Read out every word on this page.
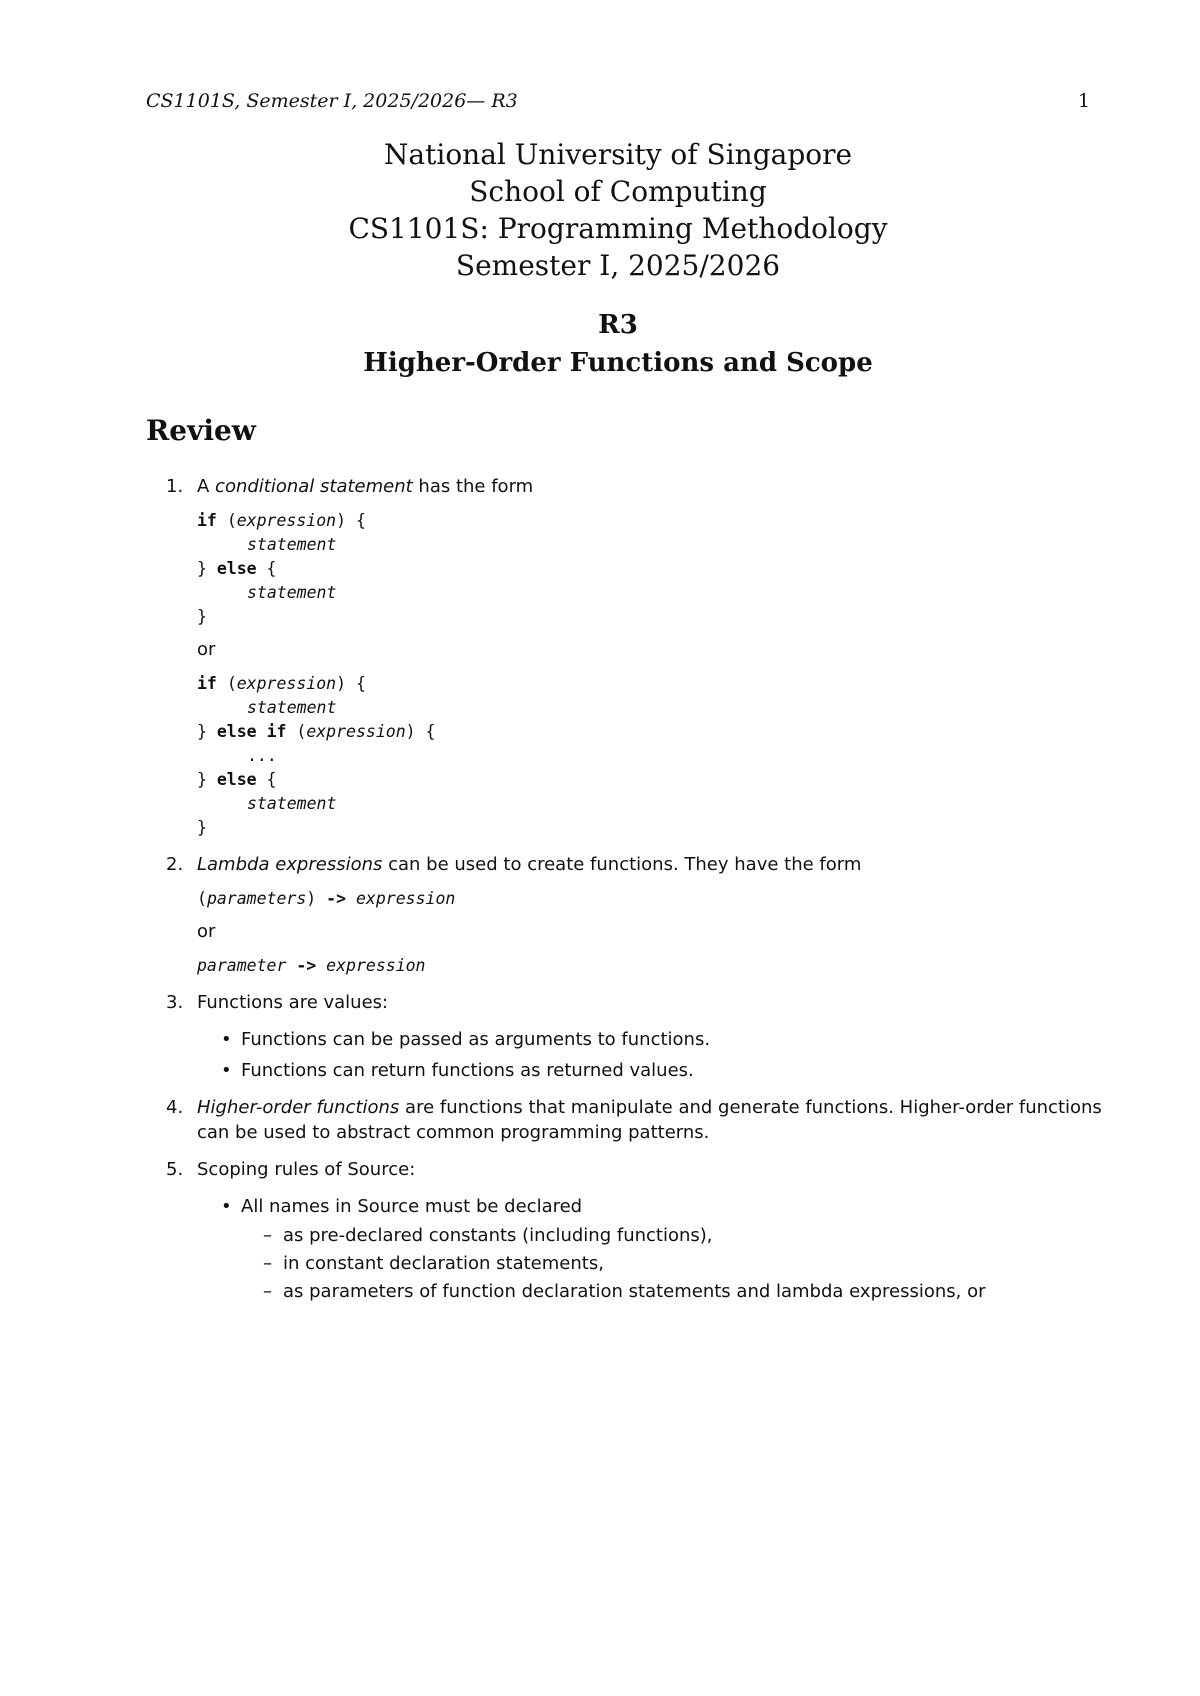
CS1101S, Semester I, 2025/2026— R3	1
National University of Singapore
School of Computing
CS1101S: Programming Methodology
Semester I, 2025/2026
R3
Higher-Order Functions and Scope
Review
1. A conditional statement has the form
if (expression) {
statement
} else {
statement
}
or
if (expression) {
statement
} else if (expression) {
...
} else {
statement
}
2. Lambda expressions can be used to create functions. They have the form
(parameters) -> expression
or
parameter -> expression
3. Functions are values:
• Functions can be passed as arguments to functions.
• Functions can return functions as returned values.
4. Higher-order functions are functions that manipulate and generate functions. Higher-order functions can be used to abstract common programming patterns.
5. Scoping rules of Source:
• All names in Source must be declared
– as pre-declared constants (including functions),
– in constant declaration statements,
– as parameters of function declaration statements and lambda expressions, or
